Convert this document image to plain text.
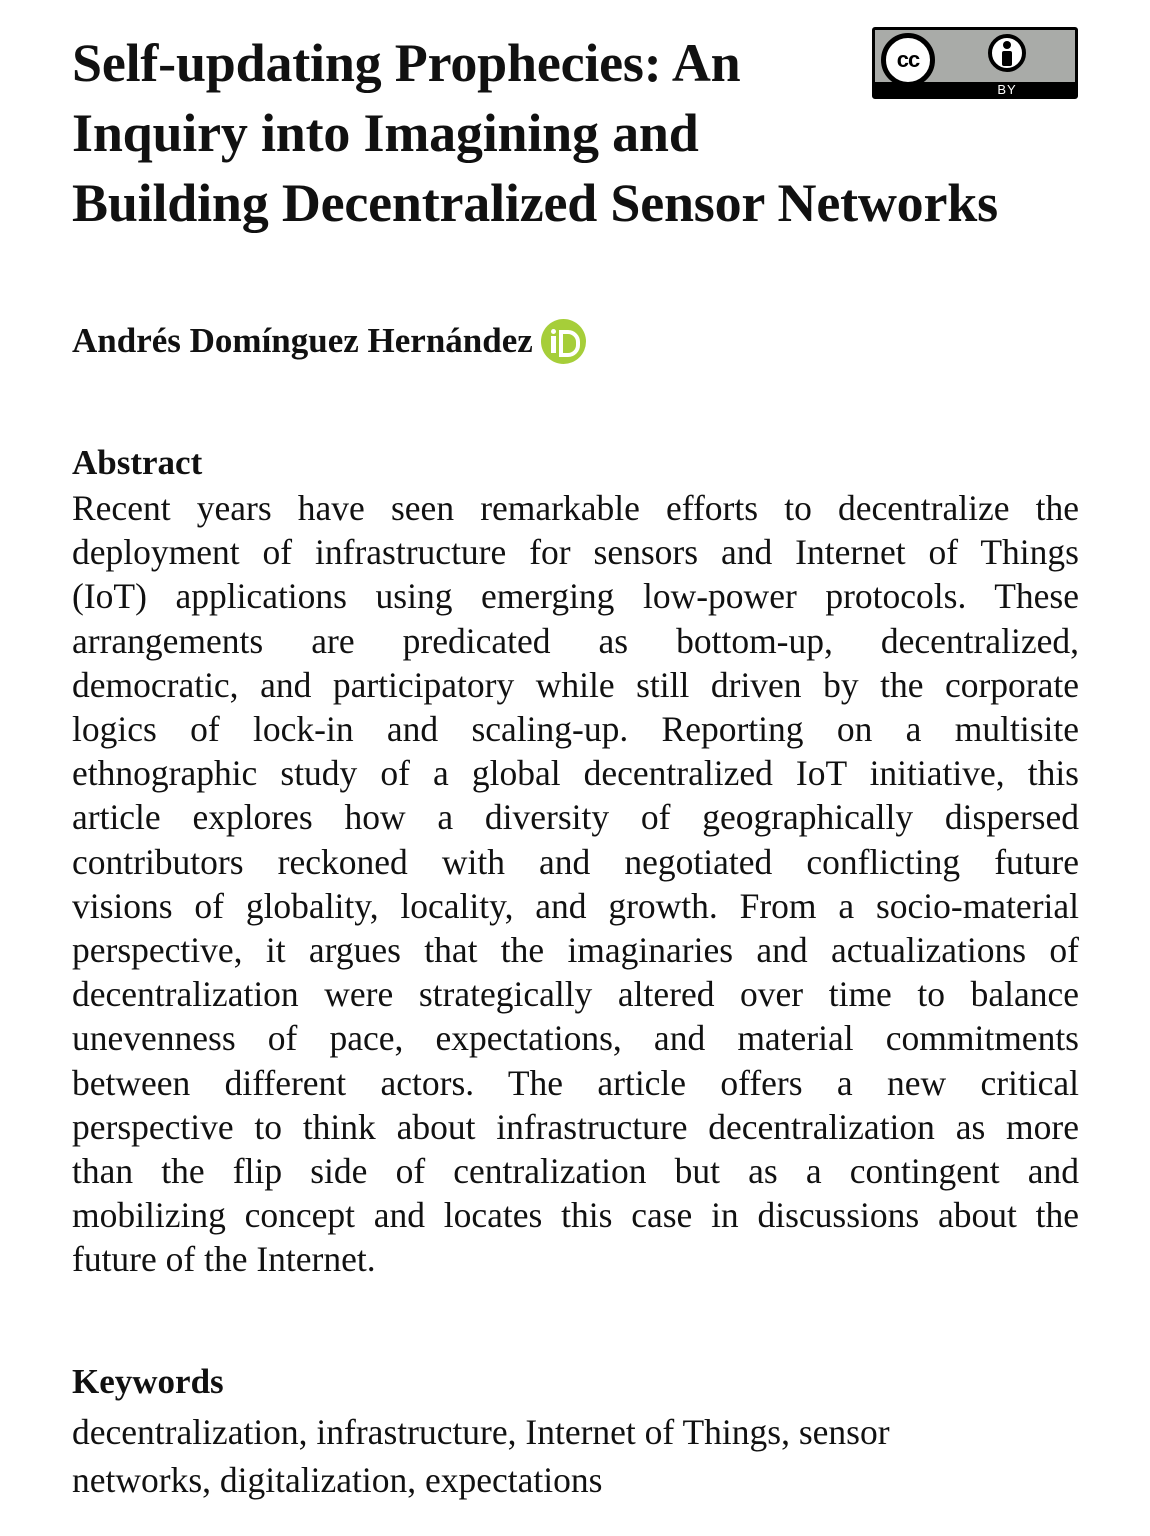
Self-updating Prophecies: An
Inquiry into Imagining and
Building Decentralized Sensor Networks
cc
BY
Andrés Domínguez Hernández
Abstract

Recent years have seen remarkable efforts to decentralize the
deployment of infrastructure for sensors and Internet of Things
(IoT) applications using emerging low-power protocols. These
arrangements are predicated as bottom-up, decentralized,
democratic, and participatory while still driven by the corporate
logics of lock-in and scaling-up. Reporting on a multisite
ethnographic study of a global decentralized IoT initiative, this
article explores how a diversity of geographically dispersed
contributors reckoned with and negotiated conflicting future
visions of globality, locality, and growth. From a socio-material
perspective, it argues that the imaginaries and actualizations of
decentralization were strategically altered over time to balance
unevenness of pace, expectations, and material commitments
between different actors. The article offers a new critical
perspective to think about infrastructure decentralization as more
than the flip side of centralization but as a contingent and
mobilizing concept and locates this case in discussions about the
future of the Internet.

Keywords

decentralization, infrastructure, Internet of Things, sensor
networks, digitalization, expectations
